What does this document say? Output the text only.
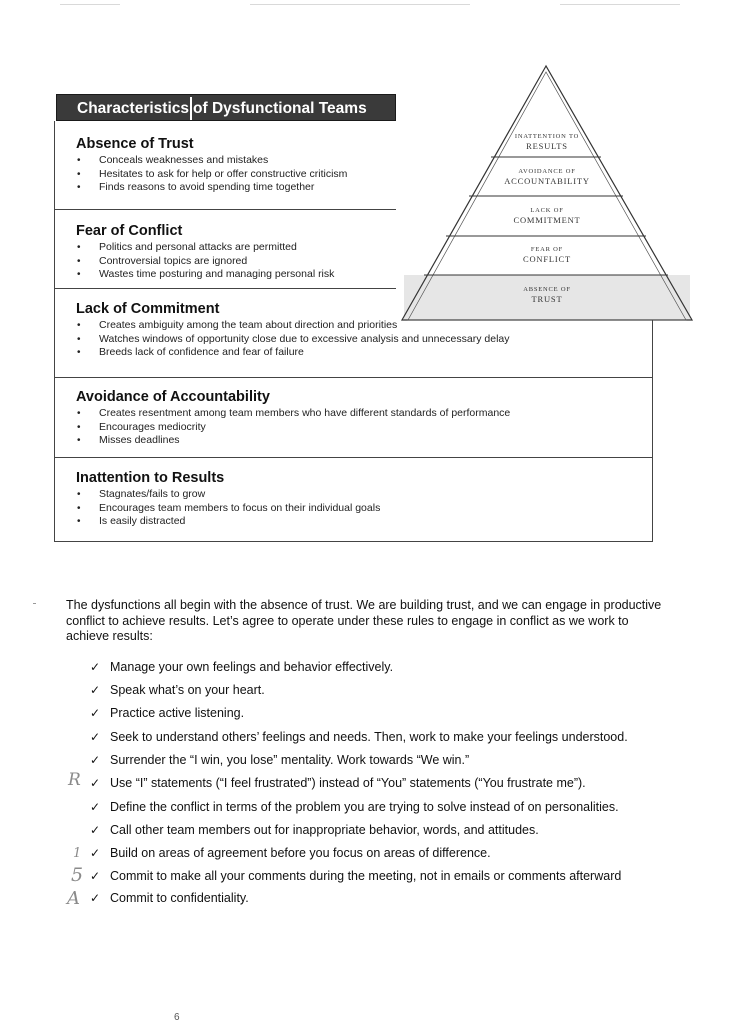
Characteristics of Dysfunctional Teams
Absence of Trust
• Conceals weaknesses and mistakes
• Hesitates to ask for help or offer constructive criticism
• Finds reasons to avoid spending time together
Fear of Conflict
• Politics and personal attacks are permitted
• Controversial topics are ignored
• Wastes time posturing and managing personal risk
Lack of Commitment
• Creates ambiguity among the team about direction and priorities
• Watches windows of opportunity close due to excessive analysis and unnecessary delay
• Breeds lack of confidence and fear of failure
Avoidance of Accountability
• Creates resentment among team members who have different standards of performance
• Encourages mediocrity
• Misses deadlines
Inattention to Results
• Stagnates/fails to grow
• Encourages team members to focus on their individual goals
• Is easily distracted
INATTENTION TO
RESULTS
AVOIDANCE OF
ACCOUNTABILITY
LACK OF
COMMITMENT
FEAR OF
CONFLICT
ABSENCE OF
TRUST
The dysfunctions all begin with the absence of trust. We are building trust, and we can engage in productive conflict to achieve results. Let’s agree to operate under these rules to engage in conflict as we work to achieve results:
✓ Manage your own feelings and behavior effectively.
✓ Speak what’s on your heart.
✓ Practice active listening.
✓ Seek to understand others’ feelings and needs. Then, work to make your feelings understood.
✓ Surrender the “I win, you lose” mentality. Work towards “We win.”
✓ Use “I” statements (“I feel frustrated”) instead of “You” statements (“You frustrate me”).
✓ Define the conflict in terms of the problem you are trying to solve instead of on personalities.
✓ Call other team members out for inappropriate behavior, words, and attitudes.
✓ Build on areas of agreement before you focus on areas of difference.
✓ Commit to make all your comments during the meeting, not in emails or comments afterward
✓ Commit to confidentiality.
R
1
5
A
6
